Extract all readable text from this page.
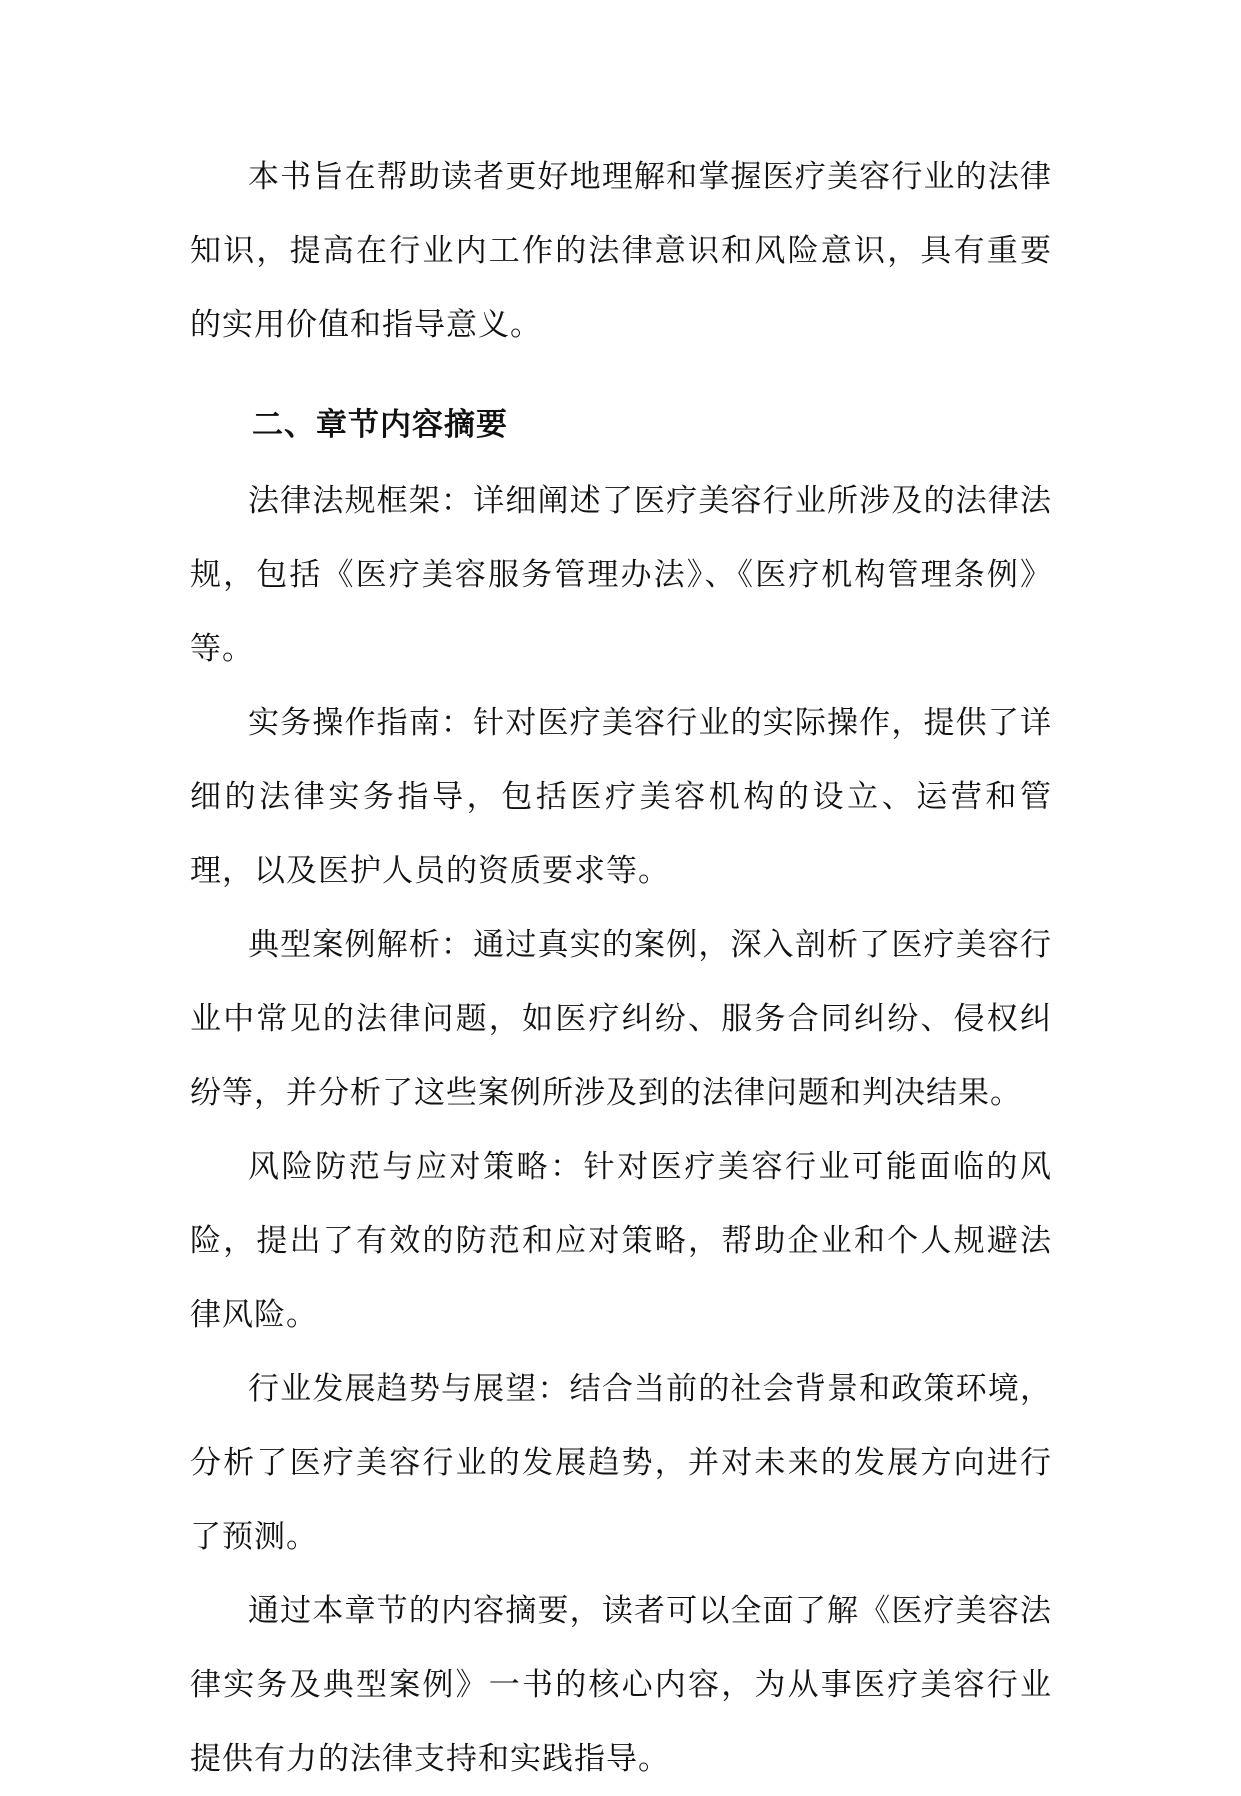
本书旨在帮助读者更好地理解和掌握医疗美容行业的法律知识，提高在行业内工作的法律意识和风险意识，具有重要的实用价值和指导意义。

二、章节内容摘要

法律法规框架：详细阐述了医疗美容行业所涉及的法律法规，包括《医疗美容服务管理办法》、《医疗机构管理条例》等。

实务操作指南：针对医疗美容行业的实际操作，提供了详细的法律实务指导，包括医疗美容机构的设立、运营和管理，以及医护人员的资质要求等。

典型案例解析：通过真实的案例，深入剖析了医疗美容行业中常见的法律问题，如医疗纠纷、服务合同纠纷、侵权纠纷等，并分析了这些案例所涉及到的法律问题和判决结果。

风险防范与应对策略：针对医疗美容行业可能面临的风险，提出了有效的防范和应对策略，帮助企业和个人规避法律风险。

行业发展趋势与展望：结合当前的社会背景和政策环境，分析了医疗美容行业的发展趋势，并对未来的发展方向进行了预测。

通过本章节的内容摘要，读者可以全面了解《医疗美容法律实务及典型案例》一书的核心内容，为从事医疗美容行业提供有力的法律支持和实践指导。
